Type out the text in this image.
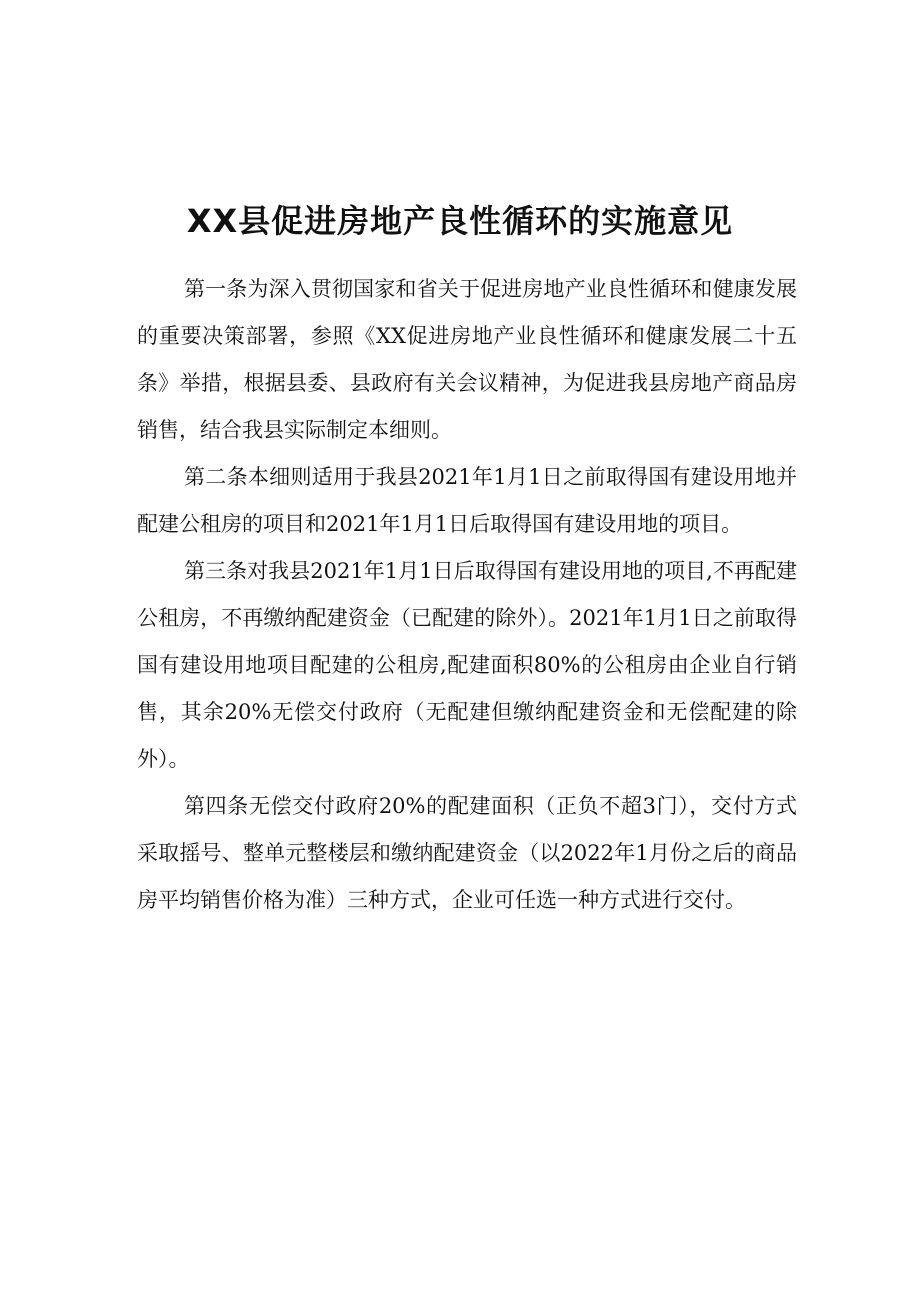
XX县促进房地产良性循环的实施意见

第一条为深入贯彻国家和省关于促进房地产业良性循环和健康发展的重要决策部署，参照《XX促进房地产业良性循环和健康发展二十五条》举措，根据县委、县政府有关会议精神，为促进我县房地产商品房销售，结合我县实际制定本细则。

第二条本细则适用于我县2021年1月1日之前取得国有建设用地并配建公租房的项目和2021年1月1日后取得国有建设用地的项目。

第三条对我县2021年1月1日后取得国有建设用地的项目,不再配建公租房，不再缴纳配建资金（已配建的除外）。2021年1月1日之前取得国有建设用地项目配建的公租房,配建面积80%的公租房由企业自行销售，其余20%无偿交付政府（无配建但缴纳配建资金和无偿配建的除外）。

第四条无偿交付政府20%的配建面积（正负不超3门），交付方式采取摇号、整单元整楼层和缴纳配建资金（以2022年1月份之后的商品房平均销售价格为准）三种方式，企业可任选一种方式进行交付。
